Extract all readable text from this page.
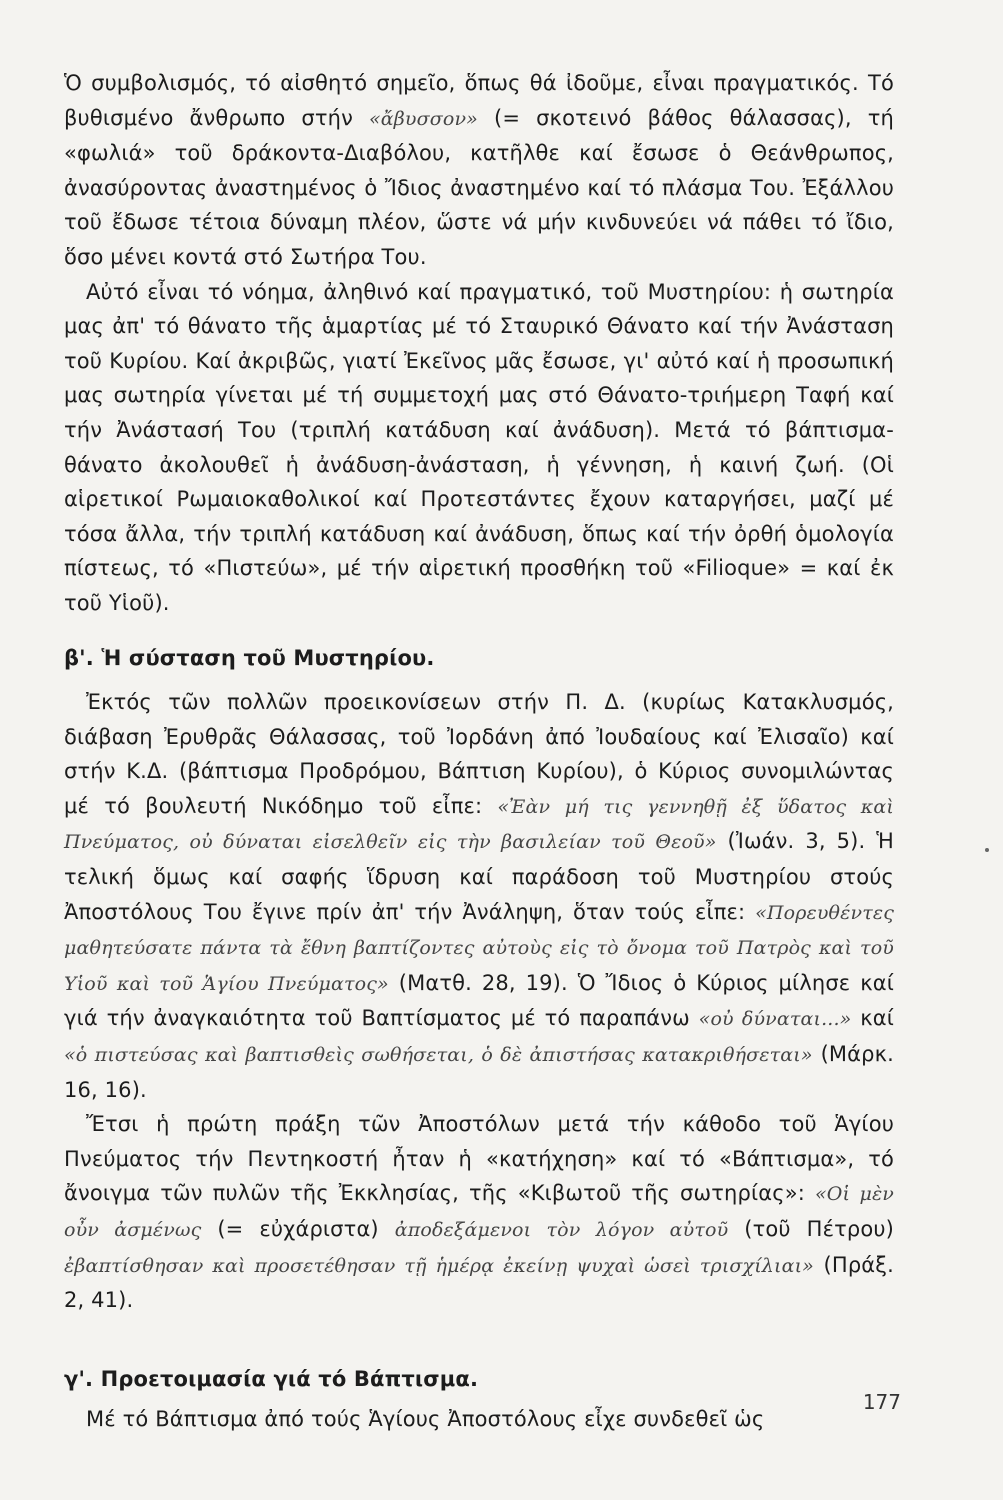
Ὁ συμβολισμός, τό αἰσθητό σημεῖο, ὅπως θά ἰδοῦμε, εἶναι πραγματικός. Τό βυθισμένο ἄνθρωπο στήν «ἄβυσσον» (= σκοτεινό βάθος θάλασσας), τή «φωλιά» τοῦ δράκοντα-Διαβόλου, κατῆλθε καί ἔσωσε ὁ Θεάνθρωπος, ἀνασύροντας ἀναστημένος ὁ Ἴδιος ἀναστημένο καί τό πλάσμα Του. Ἐξάλλου τοῦ ἔδωσε τέτοια δύναμη πλέον, ὥστε νά μήν κινδυνεύει νά πάθει τό ἴδιο, ὅσο μένει κοντά στό Σωτήρα Του.

Αὐτό εἶναι τό νόημα, ἀληθινό καί πραγματικό, τοῦ Μυστηρίου: ἡ σωτηρία μας ἀπ' τό θάνατο τῆς ἁμαρτίας μέ τό Σταυρικό Θάνατο καί τήν Ἀνάσταση τοῦ Κυρίου. Καί ἀκριβῶς, γιατί Ἐκεῖνος μᾶς ἔσωσε, γι' αὐτό καί ἡ προσωπική μας σωτηρία γίνεται μέ τή συμμετοχή μας στό Θάνατο-τριήμερη Ταφή καί τήν Ἀνάστασή Του (τριπλή κατάδυση καί ἀνάδυση). Μετά τό βάπτισμα-θάνατο ἀκολουθεῖ ἡ ἀνάδυση-ἀνάσταση, ἡ γέννηση, ἡ καινή ζωή. (Οἱ αἱρετικοί Ρωμαιοκαθολικοί καί Προτεστάντες ἔχουν καταργήσει, μαζί μέ τόσα ἄλλα, τήν τριπλή κατάδυση καί ἀνάδυση, ὅπως καί τήν ὀρθή ὁμολογία πίστεως, τό «Πιστεύω», μέ τήν αἱρετική προσθήκη τοῦ «Filioque» = καί ἐκ τοῦ Υἱοῦ).

β'. Ἡ σύσταση τοῦ Μυστηρίου.

Ἐκτός τῶν πολλῶν προεικονίσεων στήν Π. Δ. (κυρίως Κατακλυσμός, διάβαση Ἐρυθρᾶς Θάλασσας, τοῦ Ἰορδάνη ἀπό Ἰουδαίους καί Ἐλισαῖο) καί στήν Κ.Δ. (βάπτισμα Προδρόμου, Βάπτιση Κυρίου), ὁ Κύριος συνομιλώντας μέ τό βουλευτή Νικόδημο τοῦ εἶπε: «Ἐὰν μή τις γεννηθῇ ἐξ ὕδατος καὶ Πνεύματος, οὐ δύναται εἰσελθεῖν εἰς τὴν βασιλείαν τοῦ Θεοῦ» (Ἰωάν. 3, 5). Ἡ τελική ὅμως καί σαφής ἵδρυση καί παράδοση τοῦ Μυστηρίου στούς Ἀποστόλους Του ἔγινε πρίν ἀπ' τήν Ἀνάληψη, ὅταν τούς εἶπε: «Πορευθέντες μαθητεύσατε πάντα τὰ ἔθνη βαπτίζοντες αὐτοὺς εἰς τὸ ὄνομα τοῦ Πατρὸς καὶ τοῦ Υἱοῦ καὶ τοῦ Ἁγίου Πνεύματος» (Ματθ. 28, 19). Ὁ Ἴδιος ὁ Κύριος μίλησε καί γιά τήν ἀναγκαιότητα τοῦ Βαπτίσματος μέ τό παραπάνω «οὐ δύναται...» καί «ὁ πιστεύσας καὶ βαπτισθεὶς σωθήσεται, ὁ δὲ ἀπιστήσας κατακριθήσεται» (Μάρκ. 16, 16).

Ἔτσι ἡ πρώτη πράξη τῶν Ἀποστόλων μετά τήν κάθοδο τοῦ Ἁγίου Πνεύματος τήν Πεντηκοστή ἦταν ἡ «κατήχηση» καί τό «Βάπτισμα», τό ἄνοιγμα τῶν πυλῶν τῆς Ἐκκλησίας, τῆς «Κιβωτοῦ τῆς σωτηρίας»: «Οἱ μὲν οὖν ἀσμένως (= εὐχάριστα) ἀποδεξάμενοι τὸν λόγον αὐτοῦ (τοῦ Πέτρου) ἐβαπτίσθησαν καὶ προσετέθησαν τῇ ἡμέρᾳ ἐκείνῃ ψυχαὶ ὡσεὶ τρισχίλιαι» (Πράξ. 2, 41).

γ'. Προετοιμασία γιά τό Βάπτισμα.

Μέ τό Βάπτισμα ἀπό τούς Ἁγίους Ἀποστόλους εἶχε συνδεθεῖ ὡς

177
